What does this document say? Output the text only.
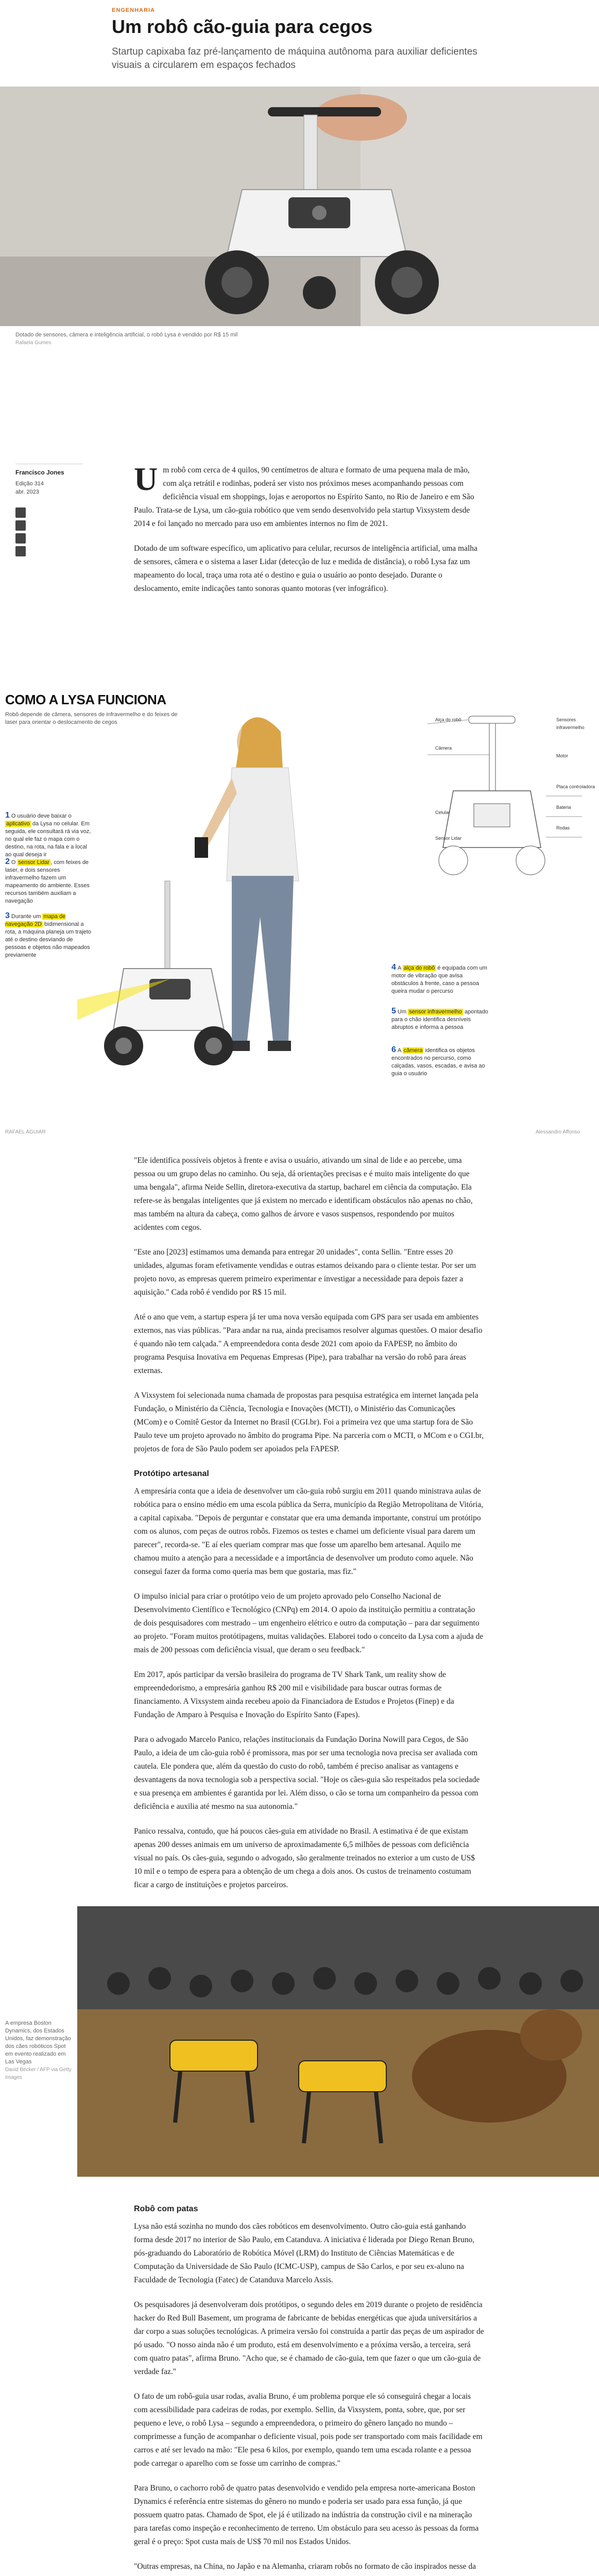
ENGENHARIA
Um robô cão-guia para cegos
Startup capixaba faz pré-lançamento de máquina autônoma para auxiliar deficientes visuais a circularem em espaços fechados
Dotado de sensores, câmera e inteligência artificial, o robô Lysa é vendido por R$ 15 mil
Rafaela Gumes
Francisco Jones
Edição 314
abr. 2023	Um robô com cerca de 4 quilos, 90 centímetros de altura e formato de uma pequena mala de mão, com alça retrátil e rodinhas, poderá ser visto nos próximos meses acompanhando pessoas com deficiência visual em shoppings, lojas e aeroportos no Espírito Santo, no Rio de Janeiro e em São Paulo. Trata-se de Lysa, um cão-guia robótico que vem sendo desenvolvido pela startup Vixsystem desde 2014 e foi lançado no mercado para uso em ambientes internos no fim de 2021.

Dotado de um software específico, um aplicativo para celular, recursos de inteligência artificial, uma malha de sensores, câmera e o sistema a laser Lidar (detecção de luz e medida de distância), o robô Lysa faz um mapeamento do local, traça uma rota até o destino e guia o usuário ao ponto desejado. Durante o deslocamento, emite indicações tanto sonoras quanto motoras (ver infográfico).

COMO A LYSA FUNCIONA
Robô depende de câmera, sensores de infravermelho e do feixes de laser para orientar o deslocamento de cegos
1 O usuário deve baixar o aplicativo da Lysa no celular. Em seguida, ele consultará rá via voz, no qual ele faz o mapa com o destino, na rota, na fala e a local ao qual deseja ir
2 O sensor Lidar , com feixes de laser, e dois sensores infravermelho fazem um mapeamento do ambiente. Esses recursos também auxiliam a navegação
3 Durante um mapa de navegação 2D bidimensional a rota, a máquina planeja um trajeto até o destino desviando de pessoas e objetos não mapeados previamente
Alça do robô
Câmera
Sensores infravermelho
Motor
Placa controladora
Bateria
Rodas
Celular
Sensor Lidar
4 A alça do robô é equipada com um motor de vibração que avisa obstáculos à frente, caso a pessoa queira mudar o percurso
5 Um sensor infravermelho apontado para o chão identifica desníveis abruptos e informa a pessoa
6 A câmera identifica os objetos encontrados no percurso, como calçadas, vasos, escadas, e avisa ao guia o usuário
RAFAEL AGUIAR	Alessandro Affonso

"Ele identifica possíveis objetos à frente e avisa o usuário, ativando um sinal de lide e ao percebe, uma pessoa ou um grupo delas no caminho. Ou seja, dá orientações precisas e é muito mais inteligente do que uma bengala", afirma Neide Sellin, diretora-executiva da startup, bacharel em ciência da computação. Ela refere-se às bengalas inteligentes que já existem no mercado e identificam obstáculos não apenas no chão, mas também na altura da cabeça, como galhos de árvore e vasos suspensos, respondendo por muitos acidentes com cegos.

"Este ano [2023] estimamos uma demanda para entregar 20 unidades", conta Sellin. "Entre esses 20 unidades, algumas foram efetivamente vendidas e outras estamos deixando para o cliente testar. Por ser um projeto novo, as empresas querem primeiro experimentar e investigar a necessidade para depois fazer a aquisição." Cada robô é vendido por R$ 15 mil.

Até o ano que vem, a startup espera já ter uma nova versão equipada com GPS para ser usada em ambientes externos, nas vias públicas. "Para andar na rua, ainda precisamos resolver algumas questões. O maior desafio é quando não tem calçada." A empreendedora conta desde 2021 com apoio da FAPESP, no âmbito do programa Pesquisa Inovativa em Pequenas Empresas (Pipe), para trabalhar na versão do robô para áreas externas.

A Vixsystem foi selecionada numa chamada de propostas para pesquisa estratégica em internet lançada pela Fundação, o Ministério da Ciência, Tecnologia e Inovações (MCTI), o Ministério das Comunicações (MCom) e o Comitê Gestor da Internet no Brasil (CGI.br). Foi a primeira vez que uma startup fora de São Paulo teve um projeto aprovado no âmbito do programa Pipe. Na parceria com o MCTI, o MCom e o CGI.br, projetos de fora de São Paulo podem ser apoiados pela FAPESP.

Protótipo artesanal

A empresária conta que a ideia de desenvolver um cão-guia robô surgiu em 2011 quando ministrava aulas de robótica para o ensino médio em uma escola pública da Serra, município da Região Metropolitana de Vitória, a capital capixaba. "Depois de perguntar e constatar que era uma demanda importante, construí um protótipo com os alunos, com peças de outros robôs. Fizemos os testes e chamei um deficiente visual para darem um parecer", recorda-se. "E aí eles queriam comprar mas que fosse um aparelho bem artesanal. Aquilo me chamou muito a atenção para a necessidade e a importância de desenvolver um produto como aquele. Não consegui fazer da forma como queria mas bem que gostaria, mas fiz."

O impulso inicial para criar o protótipo veio de um projeto aprovado pelo Conselho Nacional de Desenvolvimento Científico e Tecnológico (CNPq) em 2014. O apoio da instituição permitiu a contratação de dois pesquisadores com mestrado – um engenheiro elétrico e outro da computação – para dar seguimento ao projeto. "Foram muitos protótipagens, muitas validações. Elaborei todo o conceito da Lysa com a ajuda de mais de 200 pessoas com deficiência visual, que deram o seu feedback."

Em 2017, após participar da versão brasileira do programa de TV Shark Tank, um reality show de empreendedorismo, a empresária ganhou R$ 200 mil e visibilidade para buscar outras formas de financiamento. A Vixsystem ainda recebeu apoio da Financiadora de Estudos e Projetos (Finep) e da Fundação de Amparo à Pesquisa e Inovação do Espírito Santo (Fapes).

Para o advogado Marcelo Panico, relações institucionais da Fundação Dorina Nowill para Cegos, de São Paulo, a ideia de um cão-guia robô é promissora, mas por ser uma tecnologia nova precisa ser avaliada com cautela. Ele pondera que, além da questão do custo do robô, também é preciso analisar as vantagens e desvantagens da nova tecnologia sob a perspectiva social. "Hoje os cães-guia são respeitados pela sociedade e sua presença em ambientes é garantida por lei. Além disso, o cão se torna um companheiro da pessoa com deficiência e auxilia até mesmo na sua autonomia."

Panico ressalva, contudo, que há poucos cães-guia em atividade no Brasil. A estimativa é de que existam apenas 200 desses animais em um universo de aproximadamente 6,5 milhões de pessoas com deficiência visual no país. Os cães-guia, segundo o advogado, são geralmente treinados no exterior a um custo de US$ 10 mil e o tempo de espera para a obtenção de um chega a dois anos. Os custos de treinamento costumam ficar a cargo de instituições e projetos parceiros.

A empresa Boston Dynamics, dos Estados Unidos, faz demonstração dos cães robóticos Spot em evento realizado em Las Vegas
David Becker / AFP via Getty Images
Robô com patas

Lysa não está sozinha no mundo dos cães robóticos em desenvolvimento. Outro cão-guia está ganhando forma desde 2017 no interior de São Paulo, em Catanduva. A iniciativa é liderada por Diego Renan Bruno, pós-graduando do Laboratório de Robótica Móvel (LRM) do Instituto de Ciências Matemáticas e de Computação da Universidade de São Paulo (ICMC-USP), campus de São Carlos, e por seu ex-aluno na Faculdade de Tecnologia (Fatec) de Catanduva Marcelo Assis.

Os pesquisadores já desenvolveram dois protótipos, o segundo deles em 2019 durante o projeto de residência hacker do Red Bull Basement, um programa de fabricante de bebidas energéticas que ajuda universitários a dar corpo a suas soluções tecnológicas. A primeira versão foi construída a partir das peças de um aspirador de pó usado. "O nosso ainda não é um produto, está em desenvolvimento e a próxima versão, a terceira, será com quatro patas", afirma Bruno. "Acho que, se é chamado de cão-guia, tem que fazer o que um cão-guia de verdade faz."

O fato de um robô-guia usar rodas, avalia Bruno, é um problema porque ele só conseguirá chegar a locais com acessibilidade para cadeiras de rodas, por exemplo. Sellin, da Vixsystem, ponta, sobre, que, por ser pequeno e leve, o robô Lysa – segundo a empreendedora, o primeiro do gênero lançado no mundo – comprimesse a função de acompanhar o deficiente visual, pois pode ser transportado com mais facilidade em carros e até ser levado na mão: "Ele pesa 6 kilos, por exemplo, quando tem uma escada rolante e a pessoa pode carregar o aparelho com se fosse um carrinho de compras."

Para Bruno, o cachorro robô de quatro patas desenvolvido e vendido pela empresa norte-americana Boston Dynamics é referência entre sistemas do gênero no mundo e poderia ser usado para essa função, já que possuem quatro patas. Chamado de Spot, ele já é utilizado na indústria da construção civil e na mineração para tarefas como inspeção e reconhecimento de terreno. Um obstáculo para seu acesso às pessoas da forma geral é o preço: Spot custa mais de US$ 70 mil nos Estados Unidos.

"Outras empresas, na China, no Japão e na Alemanha, criaram robôs no formato de cão inspirados nesse da
